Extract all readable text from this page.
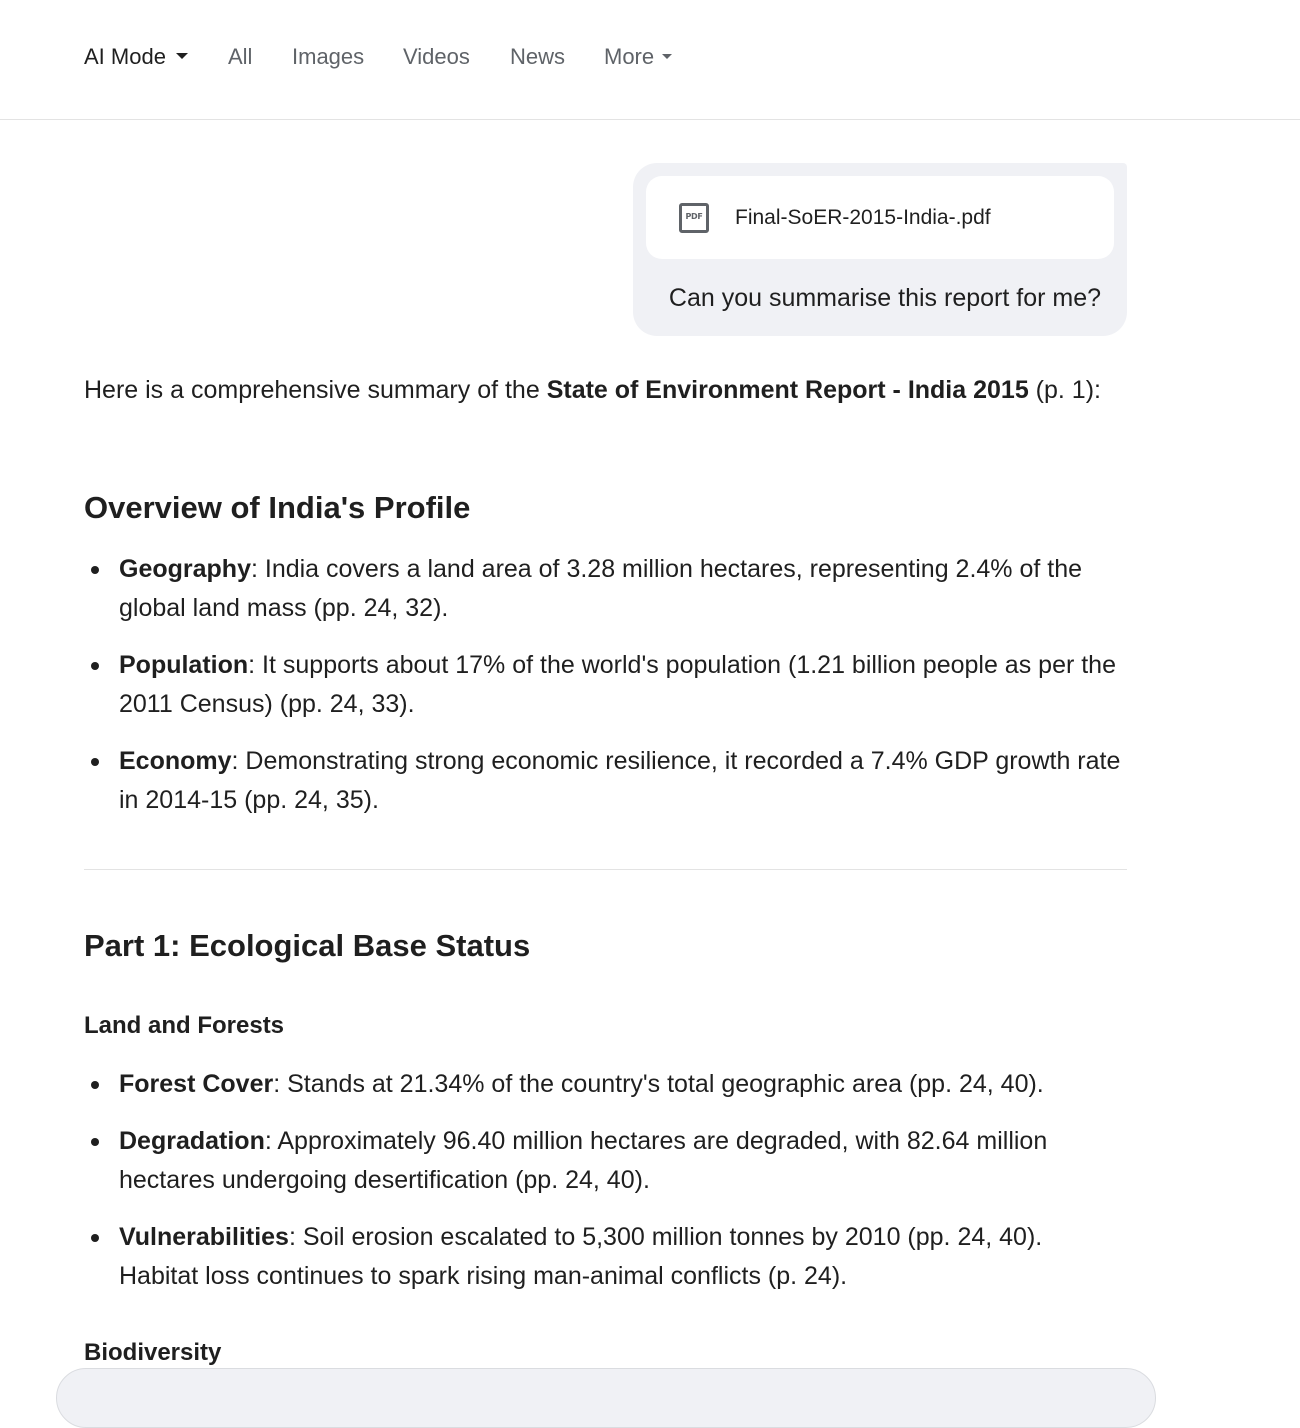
AI Mode	All Images Videos News More
PDF Final-SoER-2015-India-.pdf
Can you summarise this report for me?

Here is a comprehensive summary of the State of Environment Report - India 2015 (p. 1):

Overview of India's Profile
Geography: India covers a land area of 3.28 million hectares, representing 2.4% of the global land mass (pp. 24, 32).
Population: It supports about 17% of the world's population (1.21 billion people as per the 2011 Census) (pp. 24, 33).
Economy: Demonstrating strong economic resilience, it recorded a 7.4% GDP growth rate in 2014-15 (pp. 24, 35).
Part 1: Ecological Base Status
Land and Forests
Forest Cover: Stands at 21.34% of the country's total geographic area (pp. 24, 40).
Degradation: Approximately 96.40 million hectares are degraded, with 82.64 million hectares undergoing desertification (pp. 24, 40).
Vulnerabilities: Soil erosion escalated to 5,300 million tonnes by 2010 (pp. 24, 40). Habitat loss continues to spark rising man-animal conflicts (p. 24).
Biodiversity
